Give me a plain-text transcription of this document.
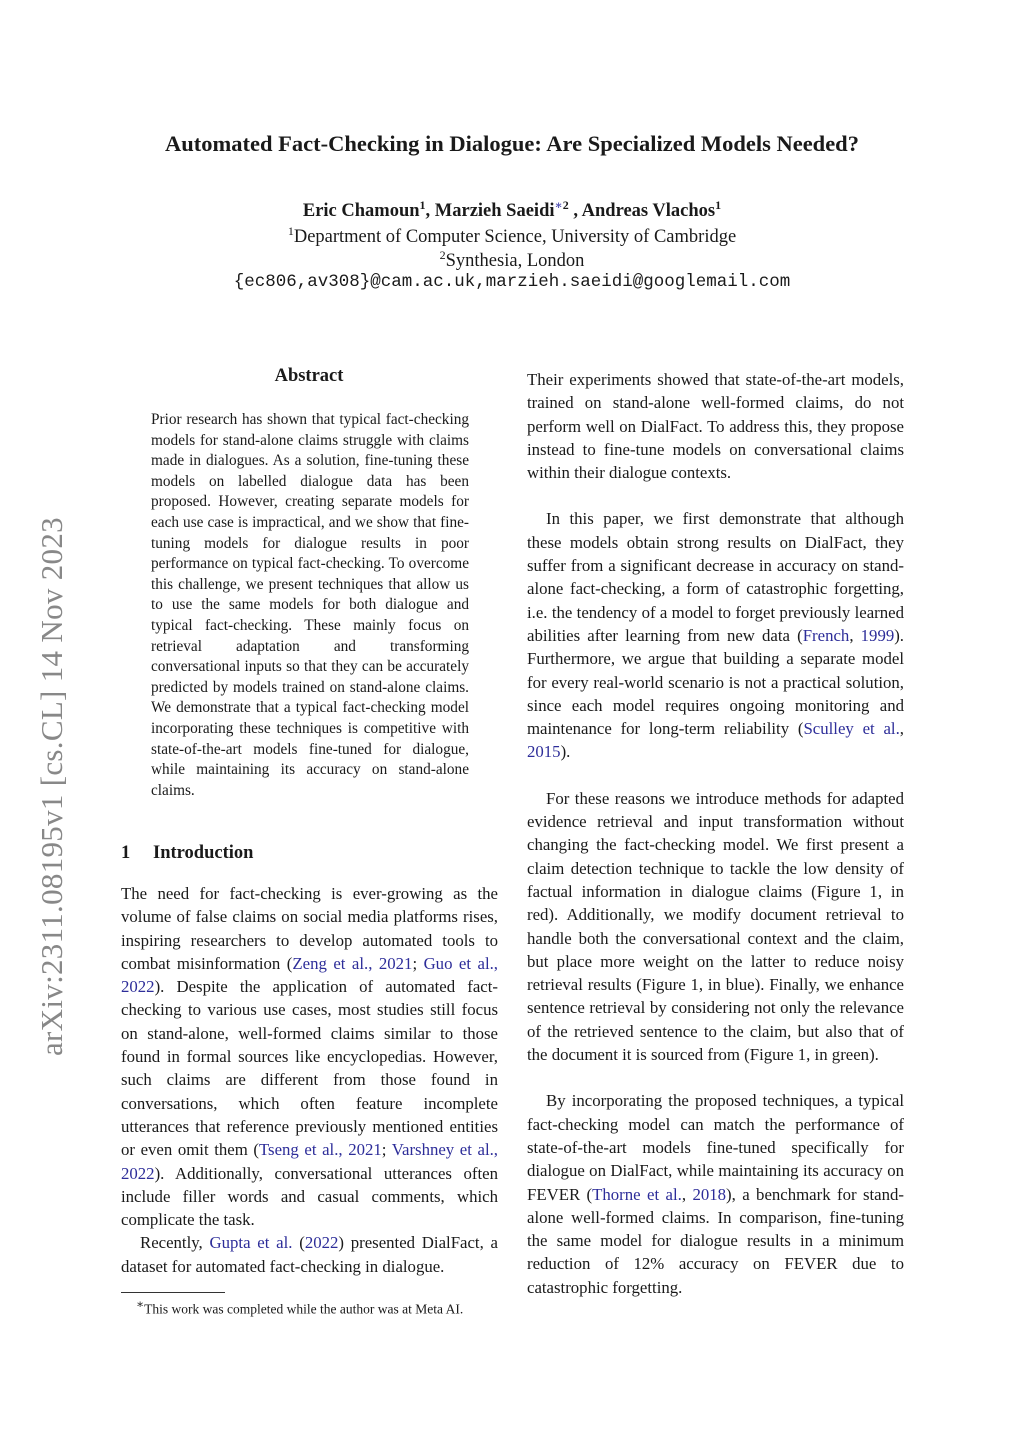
arXiv:2311.08195v1 [cs.CL] 14 Nov 2023
Automated Fact-Checking in Dialogue: Are Specialized Models Needed?
Eric Chamoun$^1$, Marzieh Saeidi$^{∗2}$ , Andreas Vlachos$^1$
$^1$Department of Computer Science, University of Cambridge
$^2$Synthesia, London
{ec806,av308}@cam.ac.uk,marzieh.saeidi@googlemail.com
Abstract
Prior research has shown that typical fact-checking models for stand-alone claims struggle with claims made in dialogues. As a solution, fine-tuning these models on labelled dialogue data has been proposed. However, creating separate models for each use case is impractical, and we show that fine-tuning models for dialogue results in poor performance on typical fact-checking. To overcome this challenge, we present techniques that allow us to use the same models for both dialogue and typical fact-checking. These mainly focus on retrieval adaptation and transforming conversational inputs so that they can be accurately predicted by models trained on stand-alone claims. We demonstrate that a typical fact-checking model incorporating these techniques is competitive with state-of-the-art models fine-tuned for dialogue, while maintaining its accuracy on stand-alone claims.
1 Introduction

The need for fact-checking is ever-growing as the volume of false claims on social media platforms rises, inspiring researchers to develop automated tools to combat misinformation (Zeng et al., 2021; Guo et al., 2022). Despite the application of automated fact-checking to various use cases, most studies still focus on stand-alone, well-formed claims similar to those found in formal sources like encyclopedias. However, such claims are different from those found in conversations, which often feature incomplete utterances that reference previously mentioned entities or even omit them (Tseng et al., 2021; Varshney et al., 2022). Additionally, conversational utterances often include filler words and casual comments, which complicate the task.

Recently, Gupta et al. (2022) presented DialFact, a dataset for automated fact-checking in dialogue.

Their experiments showed that state-of-the-art models, trained on stand-alone well-formed claims, do not perform well on DialFact. To address this, they propose instead to fine-tune models on conversational claims within their dialogue contexts.

In this paper, we first demonstrate that although these models obtain strong results on DialFact, they suffer from a significant decrease in accuracy on stand-alone fact-checking, a form of catastrophic forgetting, i.e. the tendency of a model to forget previously learned abilities after learning from new data (French, 1999). Furthermore, we argue that building a separate model for every real-world scenario is not a practical solution, since each model requires ongoing monitoring and maintenance for long-term reliability (Sculley et al., 2015).

For these reasons we introduce methods for adapted evidence retrieval and input transformation without changing the fact-checking model. We first present a claim detection technique to tackle the low density of factual information in dialogue claims (Figure 1, in red). Additionally, we modify document retrieval to handle both the conversational context and the claim, but place more weight on the latter to reduce noisy retrieval results (Figure 1, in blue). Finally, we enhance sentence retrieval by considering not only the relevance of the retrieved sentence to the claim, but also that of the document it is sourced from (Figure 1, in green).

By incorporating the proposed techniques, a typical fact-checking model can match the performance of state-of-the-art models fine-tuned specifically for dialogue on DialFact, while maintaining its accuracy on FEVER (Thorne et al., 2018), a benchmark for stand-alone well-formed claims. In comparison, fine-tuning the same model for dialogue results in a minimum reduction of 12% accuracy on FEVER due to catastrophic forgetting.

∗This work was completed while the author was at Meta AI.
